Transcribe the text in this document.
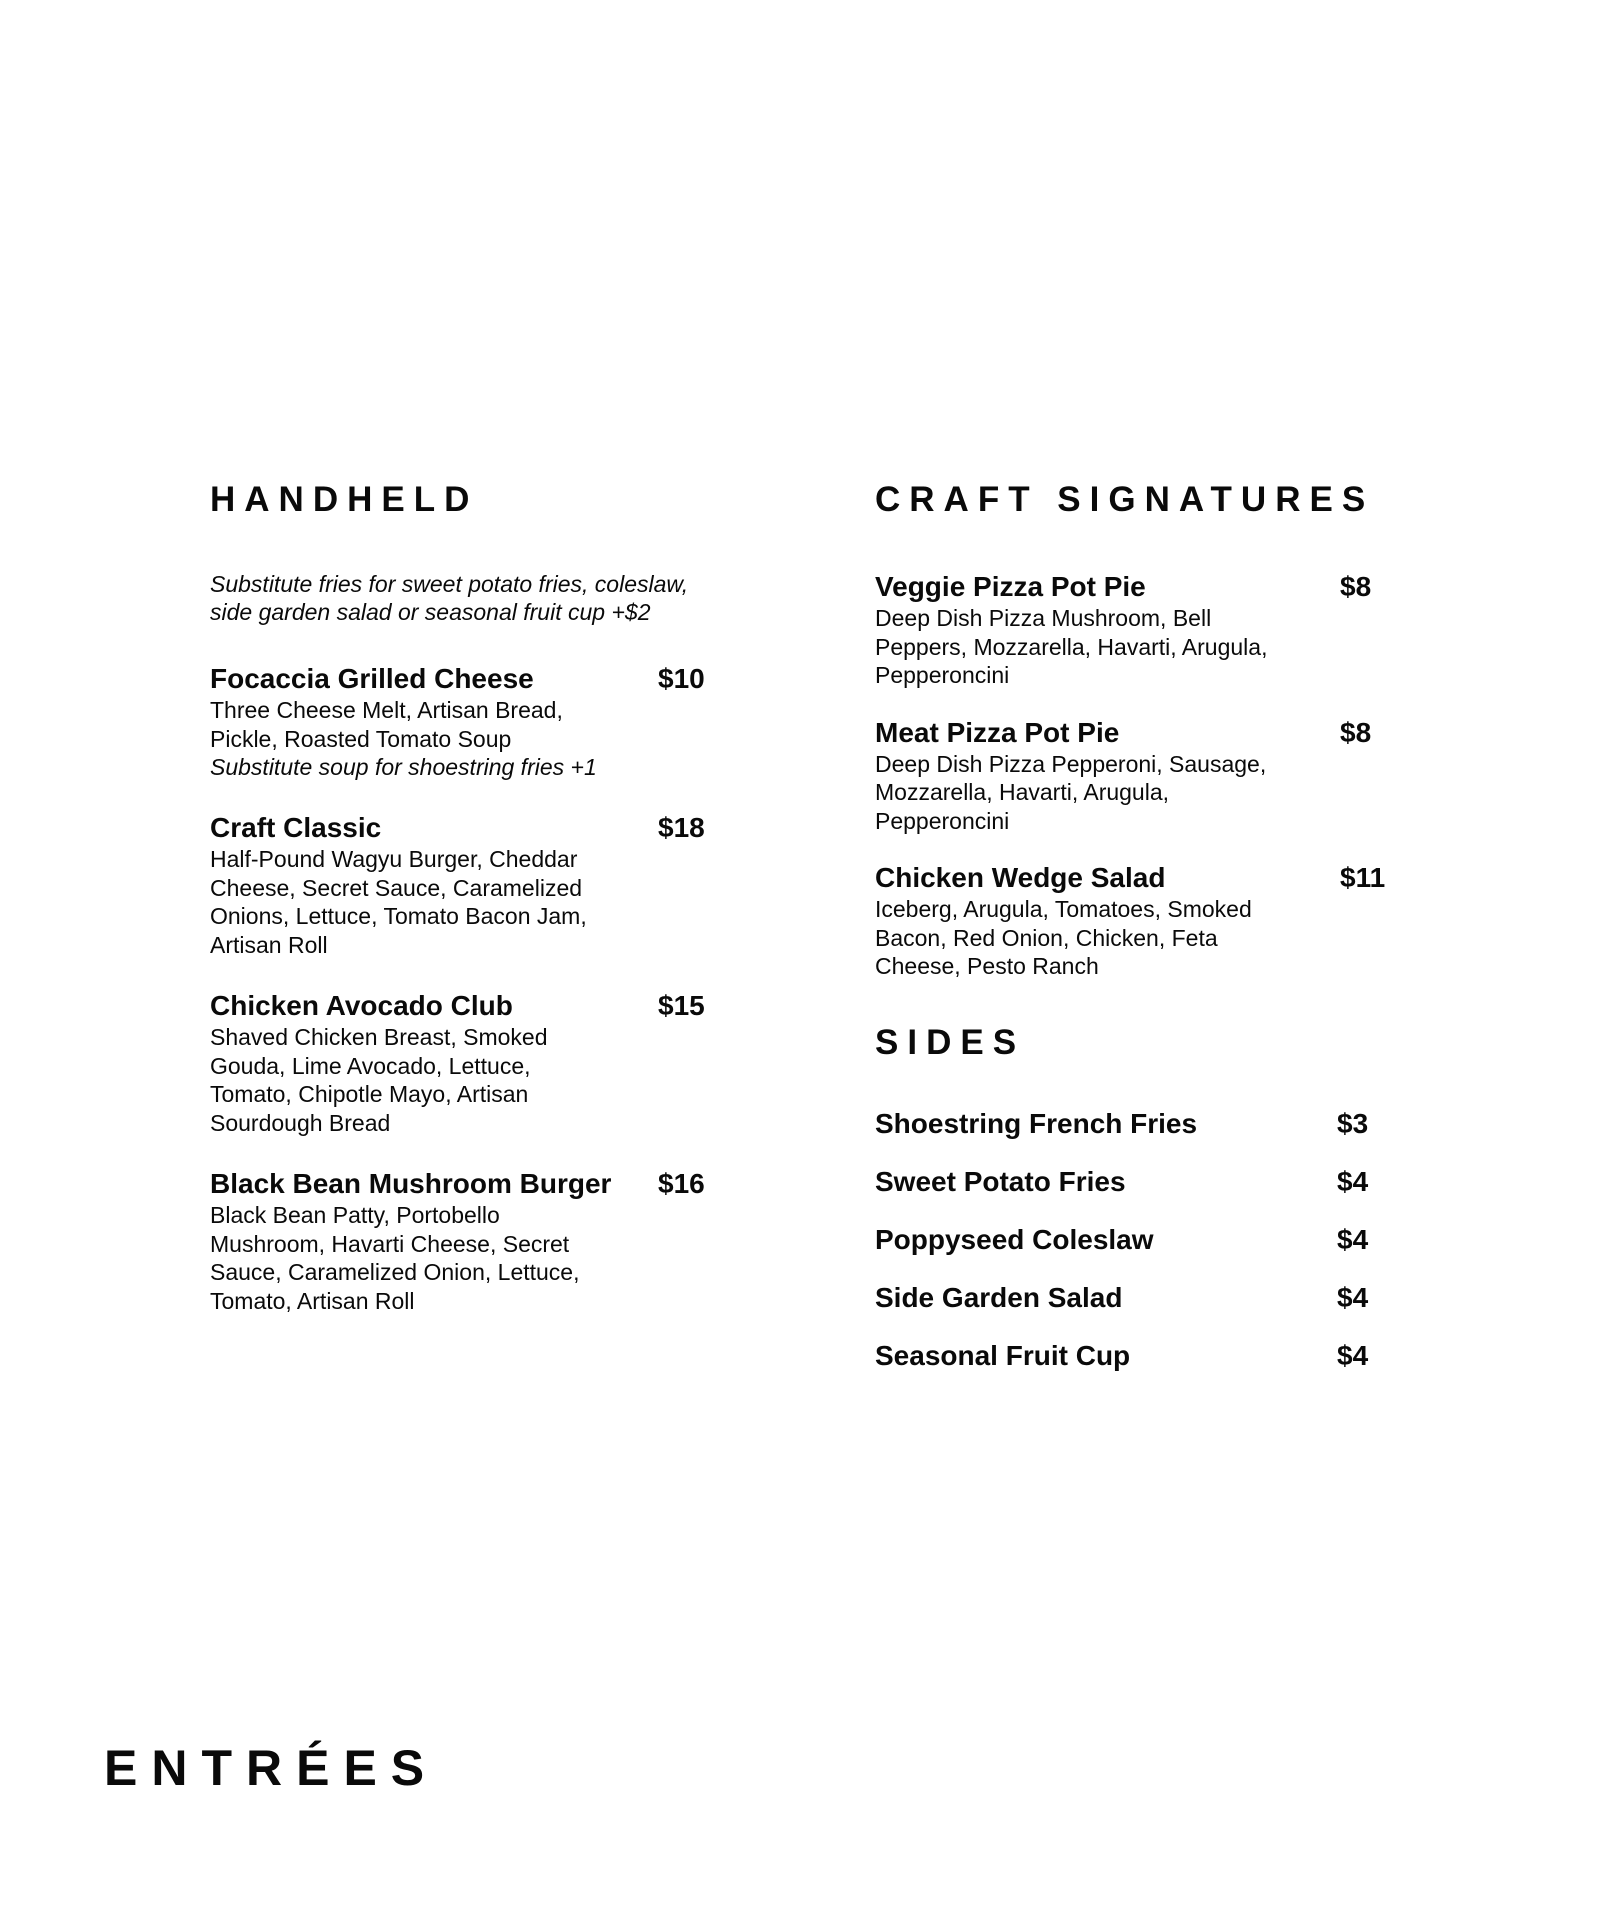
HANDHELD

Substitute fries for sweet potato fries, coleslaw, side garden salad or seasonal fruit cup +$2

Focaccia Grilled Cheese	$10

Three Cheese Melt, Artisan Bread, Pickle, Roasted Tomato Soup

Substitute soup for shoestring fries +1

Craft Classic	$18

Half-Pound Wagyu Burger, Cheddar Cheese, Secret Sauce, Caramelized Onions, Lettuce, Tomato Bacon Jam, Artisan Roll

Chicken Avocado Club	$15

Shaved Chicken Breast, Smoked Gouda, Lime Avocado, Lettuce, Tomato, Chipotle Mayo, Artisan Sourdough Bread

Black Bean Mushroom Burger	$16

Black Bean Patty, Portobello Mushroom, Havarti Cheese, Secret Sauce, Caramelized Onion, Lettuce, Tomato, Artisan Roll

CRAFT SIGNATURES

Veggie Pizza Pot Pie	$8

Deep Dish Pizza Mushroom, Bell Peppers, Mozzarella, Havarti, Arugula, Pepperoncini

Meat Pizza Pot Pie	$8

Deep Dish Pizza Pepperoni, Sausage, Mozzarella, Havarti, Arugula, Pepperoncini

Chicken Wedge Salad	$11

Iceberg, Arugula, Tomatoes, Smoked Bacon, Red Onion, Chicken, Feta Cheese, Pesto Ranch

SIDES
Shoestring French Fries	$3
Sweet Potato Fries	$4
Poppyseed Coleslaw	$4
Side Garden Salad	$4
Seasonal Fruit Cup	$4
ENTRÉES
